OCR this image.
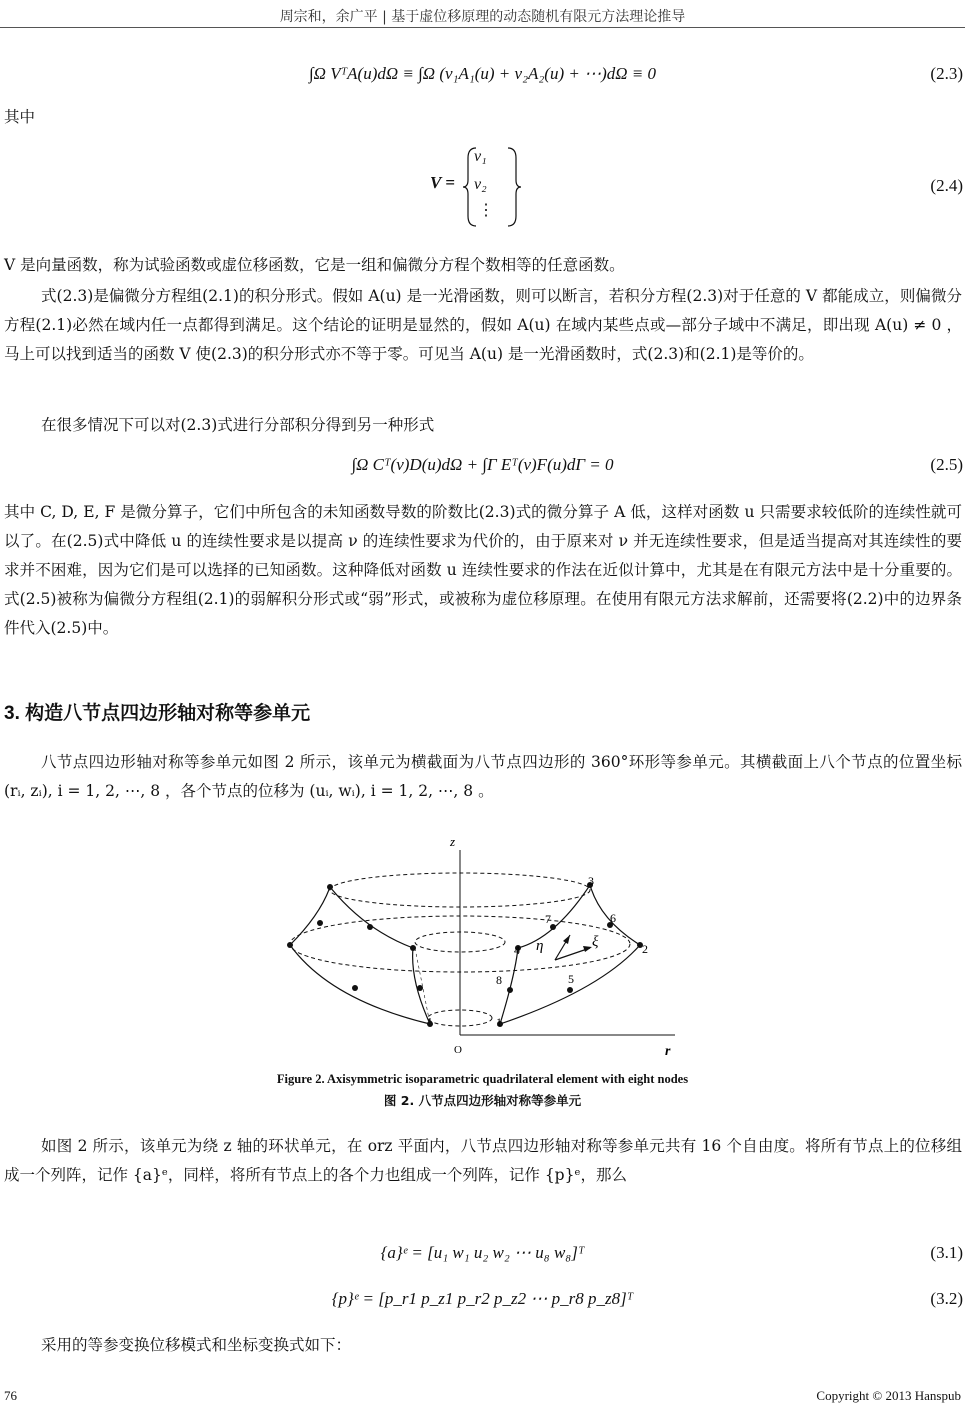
周宗和，余广平 | 基于虚位移原理的动态随机有限元方法理论推导
∫Ω VᵀA(u)dΩ ≡ ∫Ω (ν₁A₁(u) + ν₂A₂(u) + ⋯)dΩ ≡ 0	(2.3)
其中
V =
ν₁
ν₂
⋮
(2.4)
V 是向量函数，称为试验函数或虚位移函数，它是一组和偏微分方程个数相等的任意函数。
式(2.3)是偏微分方程组(2.1)的积分形式。假如 A(u) 是一光滑函数，则可以断言，若积分方程(2.3)对于任意的 V 都能成立，则偏微分方程(2.1)必然在域内任一点都得到满足。这个结论的证明是显然的，假如 A(u) 在域内某些点或—部分子域中不满足，即出现 A(u) ≠ 0 ，马上可以找到适当的函数 V 使(2.3)的积分形式亦不等于零。可见当 A(u) 是一光滑函数时，式(2.3)和(2.1)是等价的。
在很多情况下可以对(2.3)式进行分部积分得到另一种形式
∫Ω Cᵀ(ν)D(u)dΩ + ∫Γ Eᵀ(ν)F(u)dΓ = 0	(2.5)
其中 C, D, E, F 是微分算子，它们中所包含的未知函数导数的阶数比(2.3)式的微分算子 A 低，这样对函数 u 只需要求较低阶的连续性就可以了。在(2.5)式中降低 u 的连续性要求是以提高 ν 的连续性要求为代价的，由于原来对 ν 并无连续性要求，但是适当提高对其连续性的要求并不困难，因为它们是可以选择的已知函数。这种降低对函数 u 连续性要求的作法在近似计算中，尤其是在有限元方法中是十分重要的。式(2.5)被称为偏微分方程组(2.1)的弱解积分形式或“弱”形式，或被称为虚位移原理。在使用有限元方法求解前，还需要将(2.2)中的边界条件代入(2.5)中。
3. 构造八节点四边形轴对称等参单元
八节点四边形轴对称等参单元如图 2 所示，该单元为横截面为八节点四边形的 360°环形等参单元。其横截面上八个节点的位置坐标 (rᵢ, zᵢ), i = 1, 2, ⋯, 8 ，各个节点的位移为 (uᵢ, wᵢ), i = 1, 2, ⋯, 8 。
z
r
O
η	ξ
1
2
3
4
5
6
7
8
Figure 2. Axisymmetric isoparametric quadrilateral element with eight nodes
图 2. 八节点四边形轴对称等参单元
如图 2 所示，该单元为绕 z 轴的环状单元，在 orz 平面内，八节点四边形轴对称等参单元共有 16 个自由度。将所有节点上的位移组成一个列阵，记作 {a}ᵉ，同样，将所有节点上的各个力也组成一个列阵，记作 {p}ᵉ，那么
{a}ᵉ = [u₁ w₁ u₂ w₂ ⋯ u₈ w₈]ᵀ	(3.1)
{p}ᵉ = [p_r1 p_z1 p_r2 p_z2 ⋯ p_r8 p_z8]ᵀ	(3.2)
采用的等参变换位移模式和坐标变换式如下：
76	Copyright © 2013 Hanspub
